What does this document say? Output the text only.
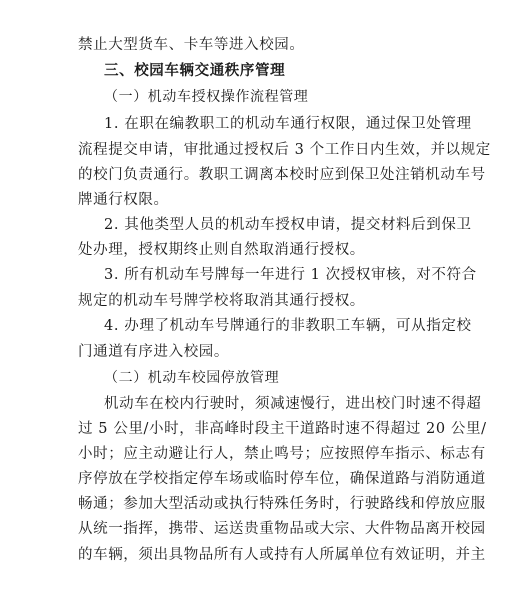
禁止大型货车、卡车等进入校园。
三、校园车辆交通秩序管理
（一）机动车授权操作流程管理
1. 在职在编教职工的机动车通行权限，通过保卫处管理
流程提交申请，审批通过授权后 3 个工作日内生效，并以规定
的校门负责通行。教职工调离本校时应到保卫处注销机动车号
牌通行权限。
2. 其他类型人员的机动车授权申请，提交材料后到保卫
处办理，授权期终止则自然取消通行授权。
3. 所有机动车号牌每一年进行 1 次授权审核，对不符合
规定的机动车号牌学校将取消其通行授权。
4. 办理了机动车号牌通行的非教职工车辆，可从指定校
门通道有序进入校园。
（二）机动车校园停放管理
机动车在校内行驶时，须减速慢行，进出校门时速不得超
过 5 公里/小时，非高峰时段主干道路时速不得超过 20 公里/
小时；应主动避让行人，禁止鸣号；应按照停车指示、标志有
序停放在学校指定停车场或临时停车位，确保道路与消防通道
畅通；参加大型活动或执行特殊任务时，行驶路线和停放应服
从统一指挥，携带、运送贵重物品或大宗、大件物品离开校园
的车辆，须出具物品所有人或持有人所属单位有效证明，并主
